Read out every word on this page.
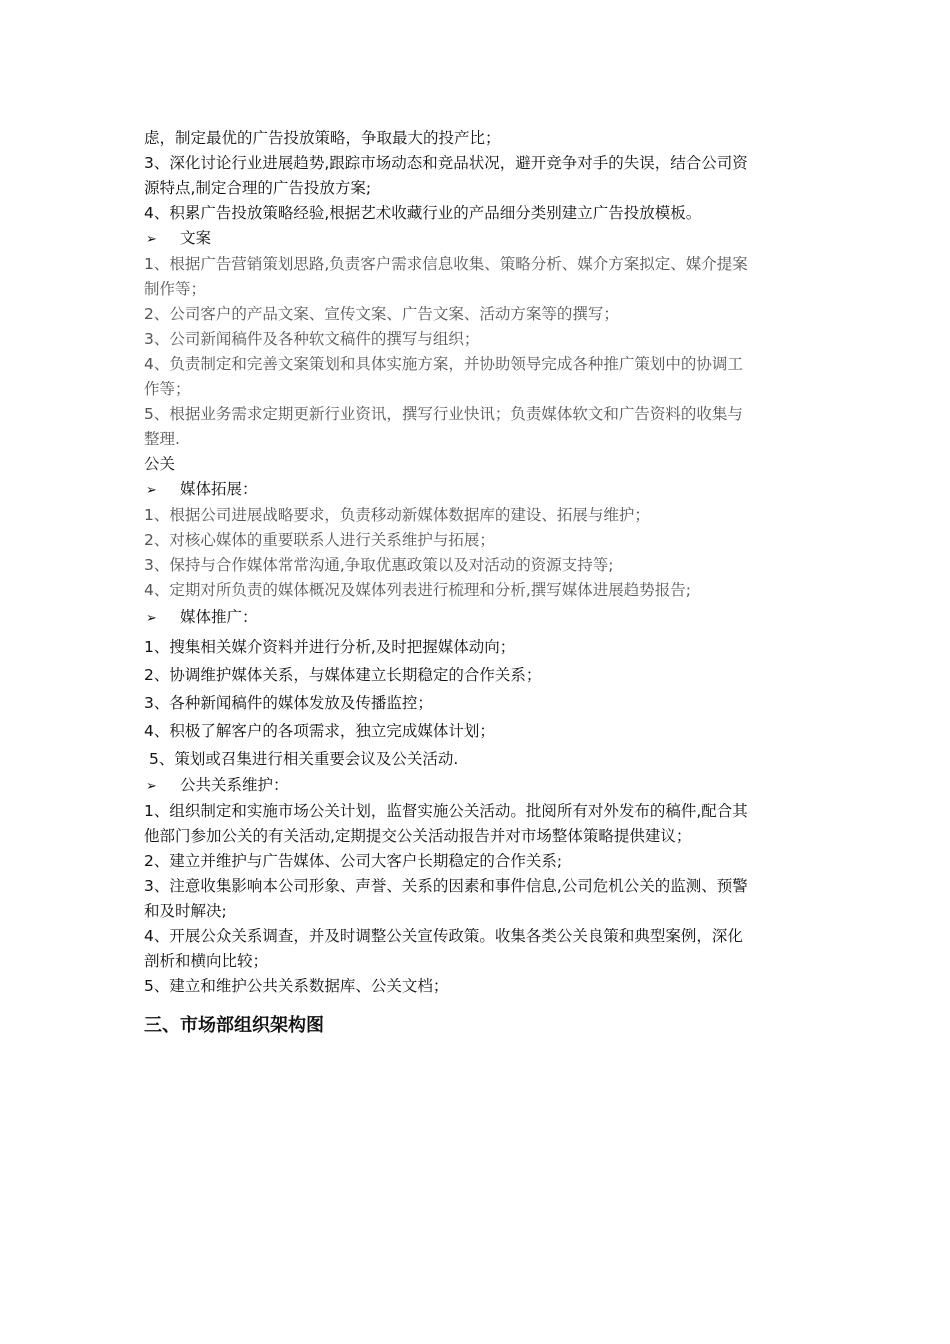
虑，制定最优的广告投放策略，争取最大的投产比；
3、深化讨论行业进展趋势,跟踪市场动态和竞品状况，避开竞争对手的失误，结合公司资
源特点,制定合理的广告投放方案;
4、积累广告投放策略经验,根据艺术收藏行业的产品细分类别建立广告投放模板。
➢ 文案
1、根据广告营销策划思路,负责客户需求信息收集、策略分析、媒介方案拟定、媒介提案
制作等；
2、公司客户的产品文案、宣传文案、广告文案、活动方案等的撰写；
3、公司新闻稿件及各种软文稿件的撰写与组织；
4、负责制定和完善文案策划和具体实施方案，并协助领导完成各种推广策划中的协调工
作等；
5、根据业务需求定期更新行业资讯，撰写行业快讯；负责媒体软文和广告资料的收集与
整理.
公关
➢ 媒体拓展：
1、根据公司进展战略要求，负责移动新媒体数据库的建设、拓展与维护；
2、对核心媒体的重要联系人进行关系维护与拓展；
3、保持与合作媒体常常沟通,争取优惠政策以及对活动的资源支持等;
4、定期对所负责的媒体概况及媒体列表进行梳理和分析,撰写媒体进展趋势报告;
➢ 媒体推广：
1、搜集相关媒介资料并进行分析,及时把握媒体动向；
2、协调维护媒体关系，与媒体建立长期稳定的合作关系；
3、各种新闻稿件的媒体发放及传播监控；
4、积极了解客户的各项需求，独立完成媒体计划；
5、策划或召集进行相关重要会议及公关活动.
➢ 公共关系维护：
1、组织制定和实施市场公关计划，监督实施公关活动。批阅所有对外发布的稿件,配合其
他部门参加公关的有关活动,定期提交公关活动报告并对市场整体策略提供建议；
2、建立并维护与广告媒体、公司大客户长期稳定的合作关系;
3、注意收集影响本公司形象、声誉、关系的因素和事件信息,公司危机公关的监测、预警
和及时解决;
4、开展公众关系调查，并及时调整公关宣传政策。收集各类公关良策和典型案例，深化
剖析和横向比较；
5、建立和维护公共关系数据库、公关文档；
三、市场部组织架构图
